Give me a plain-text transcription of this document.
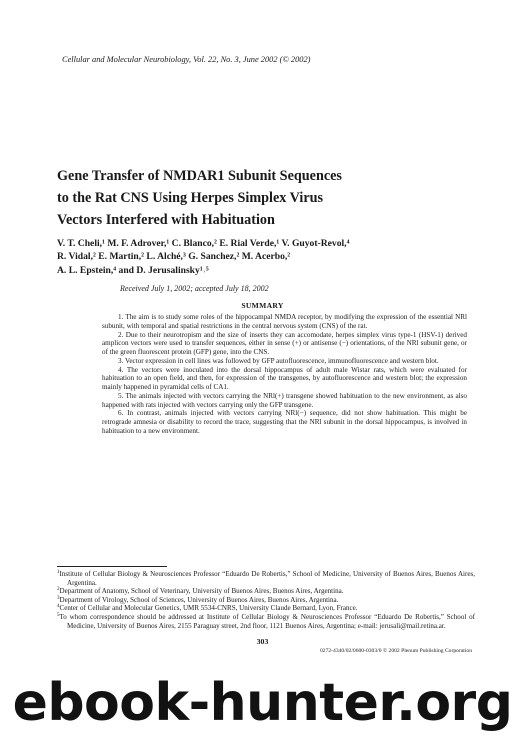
Cellular and Molecular Neurobiology, Vol. 22, No. 3, June 2002 (© 2002)
Gene Transfer of NMDAR1 Subunit Sequences
to the Rat CNS Using Herpes Simplex Virus
Vectors Interfered with Habituation
V. T. Cheli,¹ M. F. Adrover,¹ C. Blanco,² E. Rial Verde,¹ V. Guyot-Revol,⁴
R. Vidal,² E. Martin,² L. Alché,³ G. Sanchez,² M. Acerbo,²
A. L. Epstein,⁴ and D. Jerusalinsky¹˒⁵
Received July 1, 2002; accepted July 18, 2002
SUMMARY

1. The aim is to study some roles of the hippocampal NMDA receptor, by modifying the expression of the essential NRl subunit, with temporal and spatial restrictions in the central nervous system (CNS) of the rat.

2. Due to their neurotropism and the size of inserts they can accomodate, herpes simplex virus type-1 (HSV-1) derived amplicon vectors were used to transfer sequences, either in sense (+) or antisense (−) orientations, of the NRl subunit gene, or of the green fluorescent protein (GFP) gene, into the CNS.

3. Vector expression in cell lines was followed by GFP autofluorescence, immunofluorescence and western blot.

4. The vectors were inoculated into the dorsal hippocampus of adult male Wistar rats, which were evaluated for habituation to an open field, and then, for expression of the transgenes, by autofluorescence and western blot; the expression mainly happened in pyramidal cells of CA1.

5. The animals injected with vectors carrying the NRl(+) transgene showed habituation to the new environment, as also happened with rats injected with vectors carrying only the GFP transgene.

6. In contrast, animals injected with vectors carrying NRl(−) sequence, did not show habituation. This might be retrograde amnesia or disability to record the trace, suggesting that the NRl subunit in the dorsal hippocampus, is involved in habituation to a new environment.

$^1$Institute of Cellular Biology & Neurosciences Professor “Eduardo De Robertis,” School of Medicine, University of Buenos Aires, Buenos Aires, Argentina.

$^2$Department of Anatomy, School of Veterinary, University of Buenos Aires, Buenos Aires, Argentina.

$^3$Department of Virology, School of Sciences, University of Buenos Aires, Buenos Aires, Argentina.

$^4$Center of Cellular and Molecular Genetics, UMR 5534-CNRS, University Claude Bernard, Lyon, France.

$^5$To whom correspondence should be addressed at Institute of Cellular Biology & Neurosciences Professor “Eduardo De Robertis,” School of Medicine, University of Buenos Aires, 2155 Paraguay street, 2nd floor, 1121 Buenos Aires, Argentina; e-mail: jerusali@mail.retina.ar.

303
0272-4340/02/0600-0303/0 © 2002 Plenum Publishing Corporation
ebook-hunter.org
